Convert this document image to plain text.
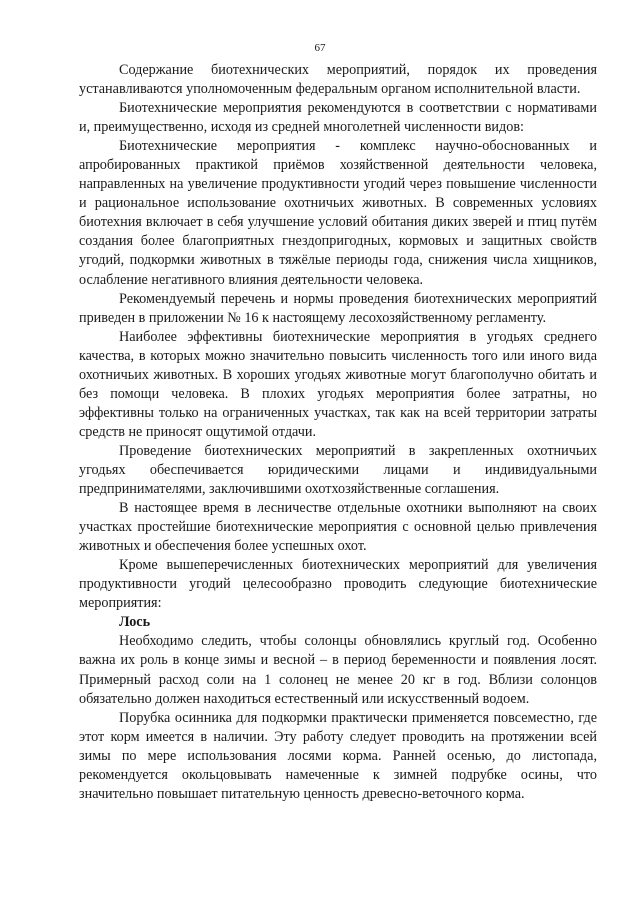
67

Содержание биотехнических мероприятий, порядок их проведения устанавливаются уполномоченным федеральным органом исполнительной власти.

Биотехнические мероприятия рекомендуются в соответствии с нормативами и, преимущественно, исходя из средней многолетней численности видов:

Биотехнические мероприятия - комплекс научно-обоснованных и апробированных практикой приёмов хозяйственной деятельности человека, направленных на увеличение продуктивности угодий через повышение численности и рациональное использование охотничьих животных. В современных условиях биотехния включает в себя улучшение условий обитания диких зверей и птиц путём создания более благоприятных гнездопригодных, кормовых и защитных свойств угодий, подкормки животных в тяжёлые периоды года, снижения числа хищников, ослабление негативного влияния деятельности человека.

Рекомендуемый перечень и нормы проведения биотехнических мероприятий приведен в приложении № 16 к настоящему лесохозяйственному регламенту.

Наиболее эффективны биотехнические мероприятия в угодьях среднего качества, в которых можно значительно повысить численность того или иного вида охотничьих животных. В хороших угодьях животные могут благополучно обитать и без помощи человека. В плохих угодьях мероприятия более затратны, но эффективны только на ограниченных участках, так как на всей территории затраты средств не приносят ощутимой отдачи.

Проведение биотехнических мероприятий в закрепленных охотничьих угодьях обеспечивается юридическими лицами и индивидуальными предпринимателями, заключившими охотхозяйственные соглашения.

В настоящее время в лесничестве отдельные охотники выполняют на своих участках простейшие биотехнические мероприятия с основной целью привлечения животных и обеспечения более успешных охот.

Кроме вышеперечисленных биотехнических мероприятий для увеличения продуктивности угодий целесообразно проводить следующие биотехнические мероприятия:

Лось

Необходимо следить, чтобы солонцы обновлялись круглый год. Особенно важна их роль в конце зимы и весной – в период беременности и появления лосят. Примерный расход соли на 1 солонец не менее 20 кг в год. Вблизи солонцов обязательно должен находиться естественный или искусственный водоем.

Порубка осинника для подкормки практически применяется повсеместно, где этот корм имеется в наличии. Эту работу следует проводить на протяжении всей зимы по мере использования лосями корма. Ранней осенью, до листопада, рекомендуется окольцовывать намеченные к зимней подрубке осины, что значительно повышает питательную ценность древесно-веточного корма.
